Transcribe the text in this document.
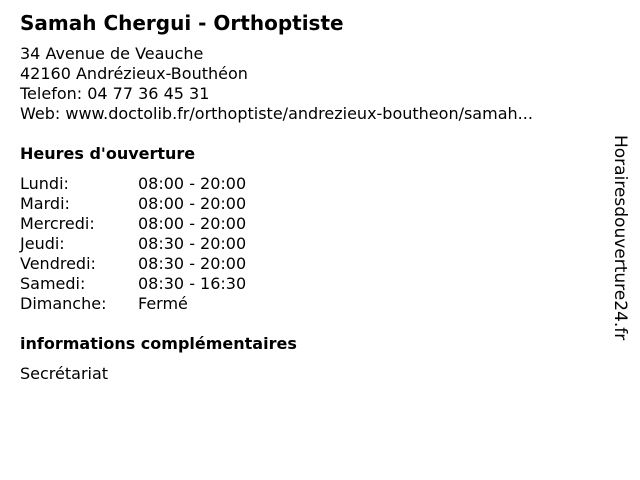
Samah Chergui - Orthoptiste
34 Avenue de Veauche
42160 Andrézieux-Bouthéon
Telefon: 04 77 36 45 31
Web: www.doctolib.fr/orthoptiste/andrezieux-boutheon/samah...
Heures d'ouverture
Lundi:	08:00 - 20:00
Mardi:	08:00 - 20:00
Mercredi:	08:00 - 20:00
Jeudi:	08:30 - 20:00
Vendredi:	08:30 - 20:00
Samedi:	08:30 - 16:30
Dimanche:	Fermé
informations complémentaires
Secrétariat
Horairesdouverture24.fr
